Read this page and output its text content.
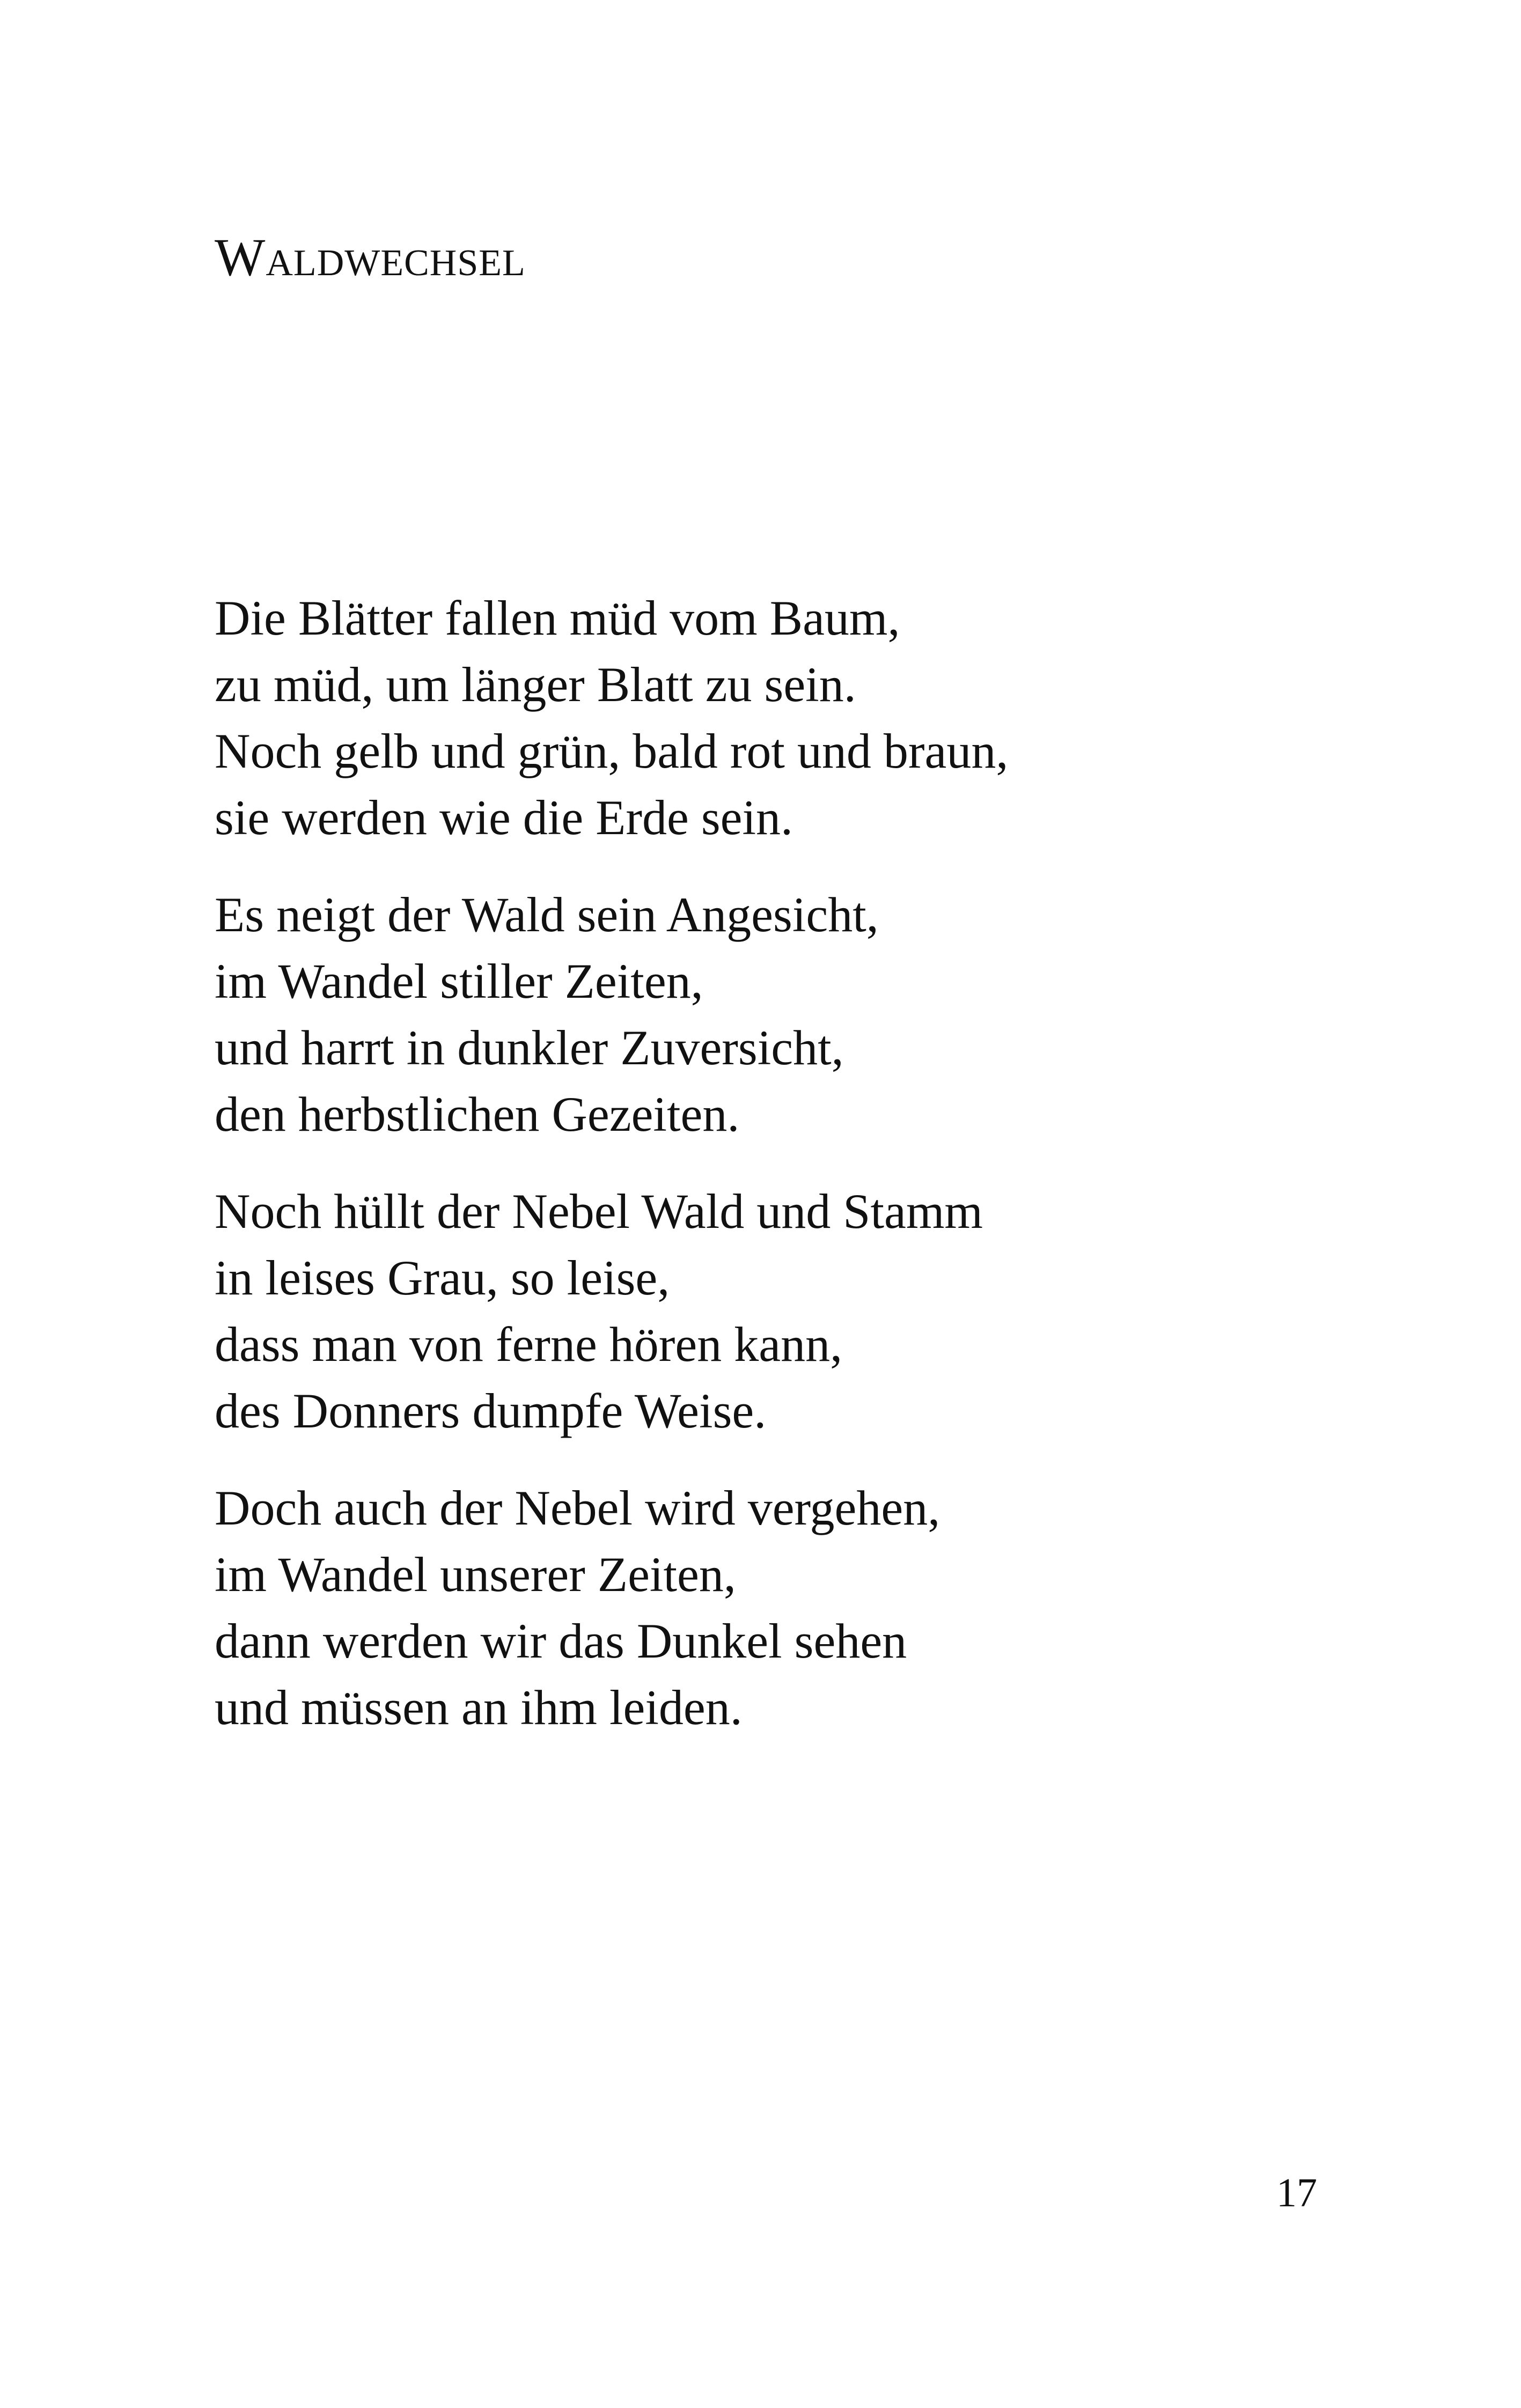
Waldwechsel
Die Blätter fallen müd vom Baum,
zu müd, um länger Blatt zu sein.
Noch gelb und grün, bald rot und braun,
sie werden wie die Erde sein.
Es neigt der Wald sein Angesicht,
im Wandel stiller Zeiten,
und harrt in dunkler Zuversicht,
den herbstlichen Gezeiten.
Noch hüllt der Nebel Wald und Stamm
in leises Grau, so leise,
dass man von ferne hören kann,
des Donners dumpfe Weise.
Doch auch der Nebel wird vergehen,
im Wandel unserer Zeiten,
dann werden wir das Dunkel sehen
und müssen an ihm leiden.
17
